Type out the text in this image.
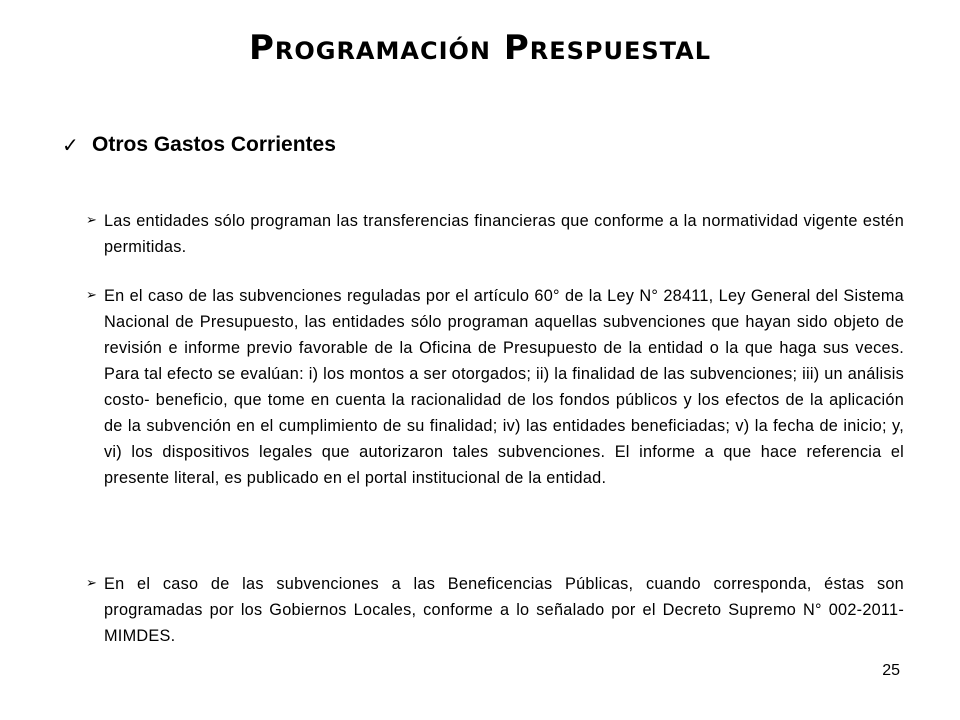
Programación Prespuestal
✓ Otros Gastos Corrientes
➢ Las entidades sólo programan las transferencias financieras que conforme a la normatividad vigente estén permitidas.
➢ En el caso de las subvenciones reguladas por el artículo 60° de la Ley N° 28411, Ley General del Sistema Nacional de Presupuesto, las entidades sólo programan aquellas subvenciones que hayan sido objeto de revisión e informe previo favorable de la Oficina de Presupuesto de la entidad o la que haga sus veces. Para tal efecto se evalúan: i) los montos a ser otorgados; ii) la finalidad de las subvenciones; iii) un análisis costo- beneficio, que tome en cuenta la racionalidad de los fondos públicos y los efectos de la aplicación de la subvención en el cumplimiento de su finalidad; iv) las entidades beneficiadas; v) la fecha de inicio; y, vi) los dispositivos legales que autorizaron tales subvenciones. El informe a que hace referencia el presente literal, es publicado en el portal institucional de la entidad.
➢ En el caso de las subvenciones a las Beneficencias Públicas, cuando corresponda, éstas son programadas por los Gobiernos Locales, conforme a lo señalado por el Decreto Supremo N° 002-2011-MIMDES.
25
